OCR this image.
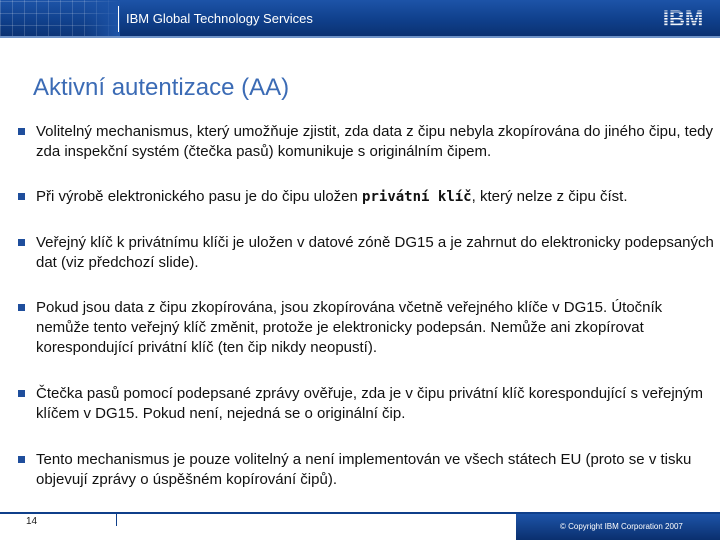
IBM Global Technology Services	IBM
Aktivní autentizace (AA)
Volitelný mechanismus, který umožňuje zjistit, zda data z čipu nebyla zkopírována do jiného čipu, tedy zda inspekční systém (čtečka pasů) komunikuje s originálním čipem.
Při výrobě elektronického pasu je do čipu uložen privátní klíč, který nelze z čipu číst.
Veřejný klíč k privátnímu klíči je uložen v datové zóně DG15 a je zahrnut do elektronicky podepsaných dat (viz předchozí slide).
Pokud jsou data z čipu zkopírována, jsou zkopírována včetně veřejného klíče v DG15. Útočník nemůže tento veřejný klíč změnit, protože je elektronicky podepsán. Nemůže ani zkopírovat korespondující privátní klíč (ten čip nikdy neopustí).
Čtečka pasů pomocí podepsané zprávy ověřuje, zda je v čipu privátní klíč korespondující s veřejným klíčem v DG15. Pokud není, nejedná se o originální čip.
Tento mechanismus je pouze volitelný a není implementován ve všech státech EU (proto se v tisku objevují zprávy o úspěšném kopírování čipů).
14	© Copyright IBM Corporation 2007
